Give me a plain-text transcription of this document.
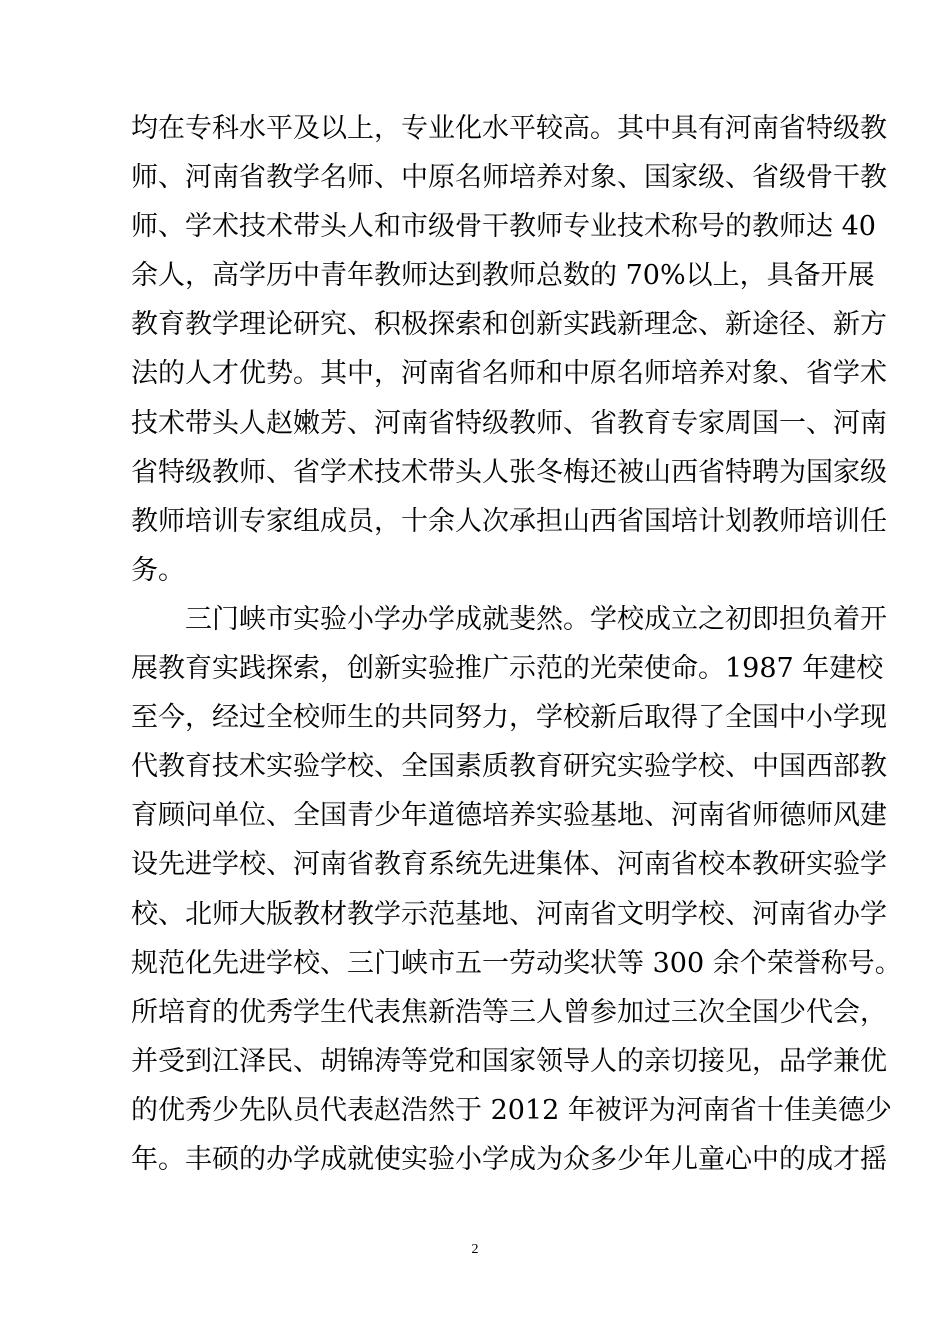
均在专科水平及以上，专业化水平较高。其中具有河南省特级教
师、河南省教学名师、中原名师培养对象、国家级、省级骨干教
师、学术技术带头人和市级骨干教师专业技术称号的教师达 40
余人，高学历中青年教师达到教师总数的 70%以上，具备开展
教育教学理论研究、积极探索和创新实践新理念、新途径、新方
法的人才优势。其中，河南省名师和中原名师培养对象、省学术
技术带头人赵嫩芳、河南省特级教师、省教育专家周国一、河南
省特级教师、省学术技术带头人张冬梅还被山西省特聘为国家级
教师培训专家组成员，十余人次承担山西省国培计划教师培训任
务。
三门峡市实验小学办学成就斐然。学校成立之初即担负着开
展教育实践探索，创新实验推广示范的光荣使命。1987 年建校
至今，经过全校师生的共同努力，学校新后取得了全国中小学现
代教育技术实验学校、全国素质教育研究实验学校、中国西部教
育顾问单位、全国青少年道德培养实验基地、河南省师德师风建
设先进学校、河南省教育系统先进集体、河南省校本教研实验学
校、北师大版教材教学示范基地、河南省文明学校、河南省办学
规范化先进学校、三门峡市五一劳动奖状等 300 余个荣誉称号。
所培育的优秀学生代表焦新浩等三人曾参加过三次全国少代会，
并受到江泽民、胡锦涛等党和国家领导人的亲切接见，品学兼优
的优秀少先队员代表赵浩然于 2012 年被评为河南省十佳美德少
年。丰硕的办学成就使实验小学成为众多少年儿童心中的成才摇
2
